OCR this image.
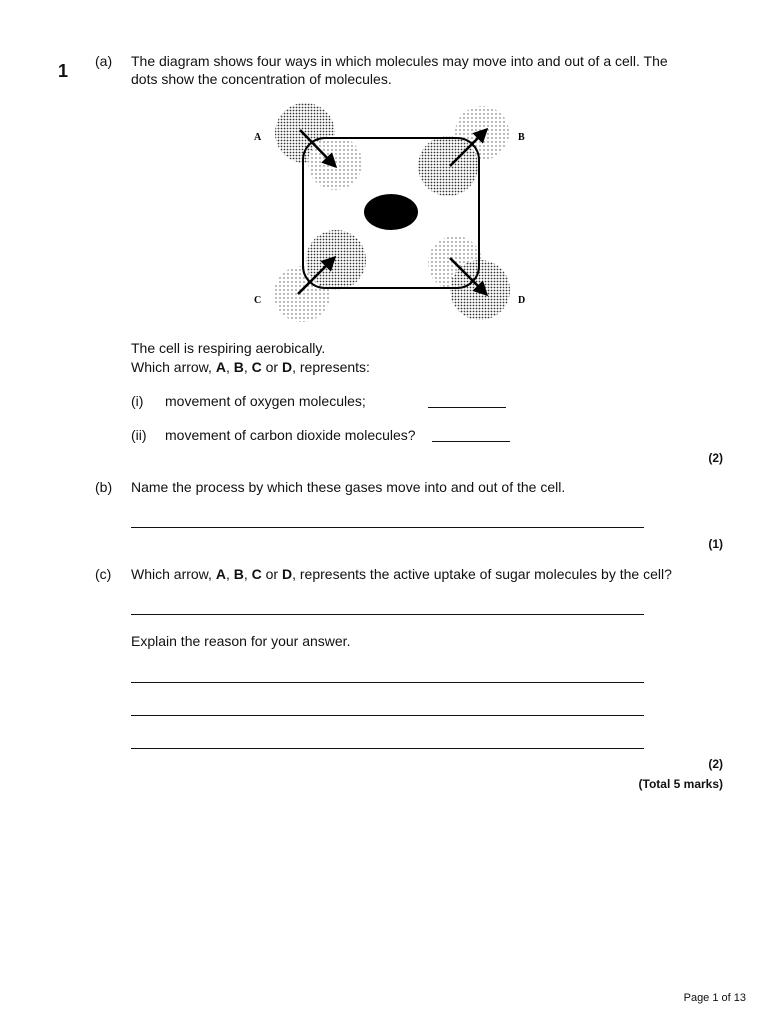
1 (a) The diagram shows four ways in which molecules may move into and out of a cell. The dots show the concentration of molecules.
A	B
C	D
The cell is respiring aerobically.
Which arrow, A, B, C or D, represents:
(i) movement of oxygen molecules;
(ii) movement of carbon dioxide molecules?
(2)
(b) Name the process by which these gases move into and out of the cell.
(1)
(c) Which arrow, A, B, C or D, represents the active uptake of sugar molecules by the cell?
Explain the reason for your answer.
(2)
(Total 5 marks)
Page 1 of 13
